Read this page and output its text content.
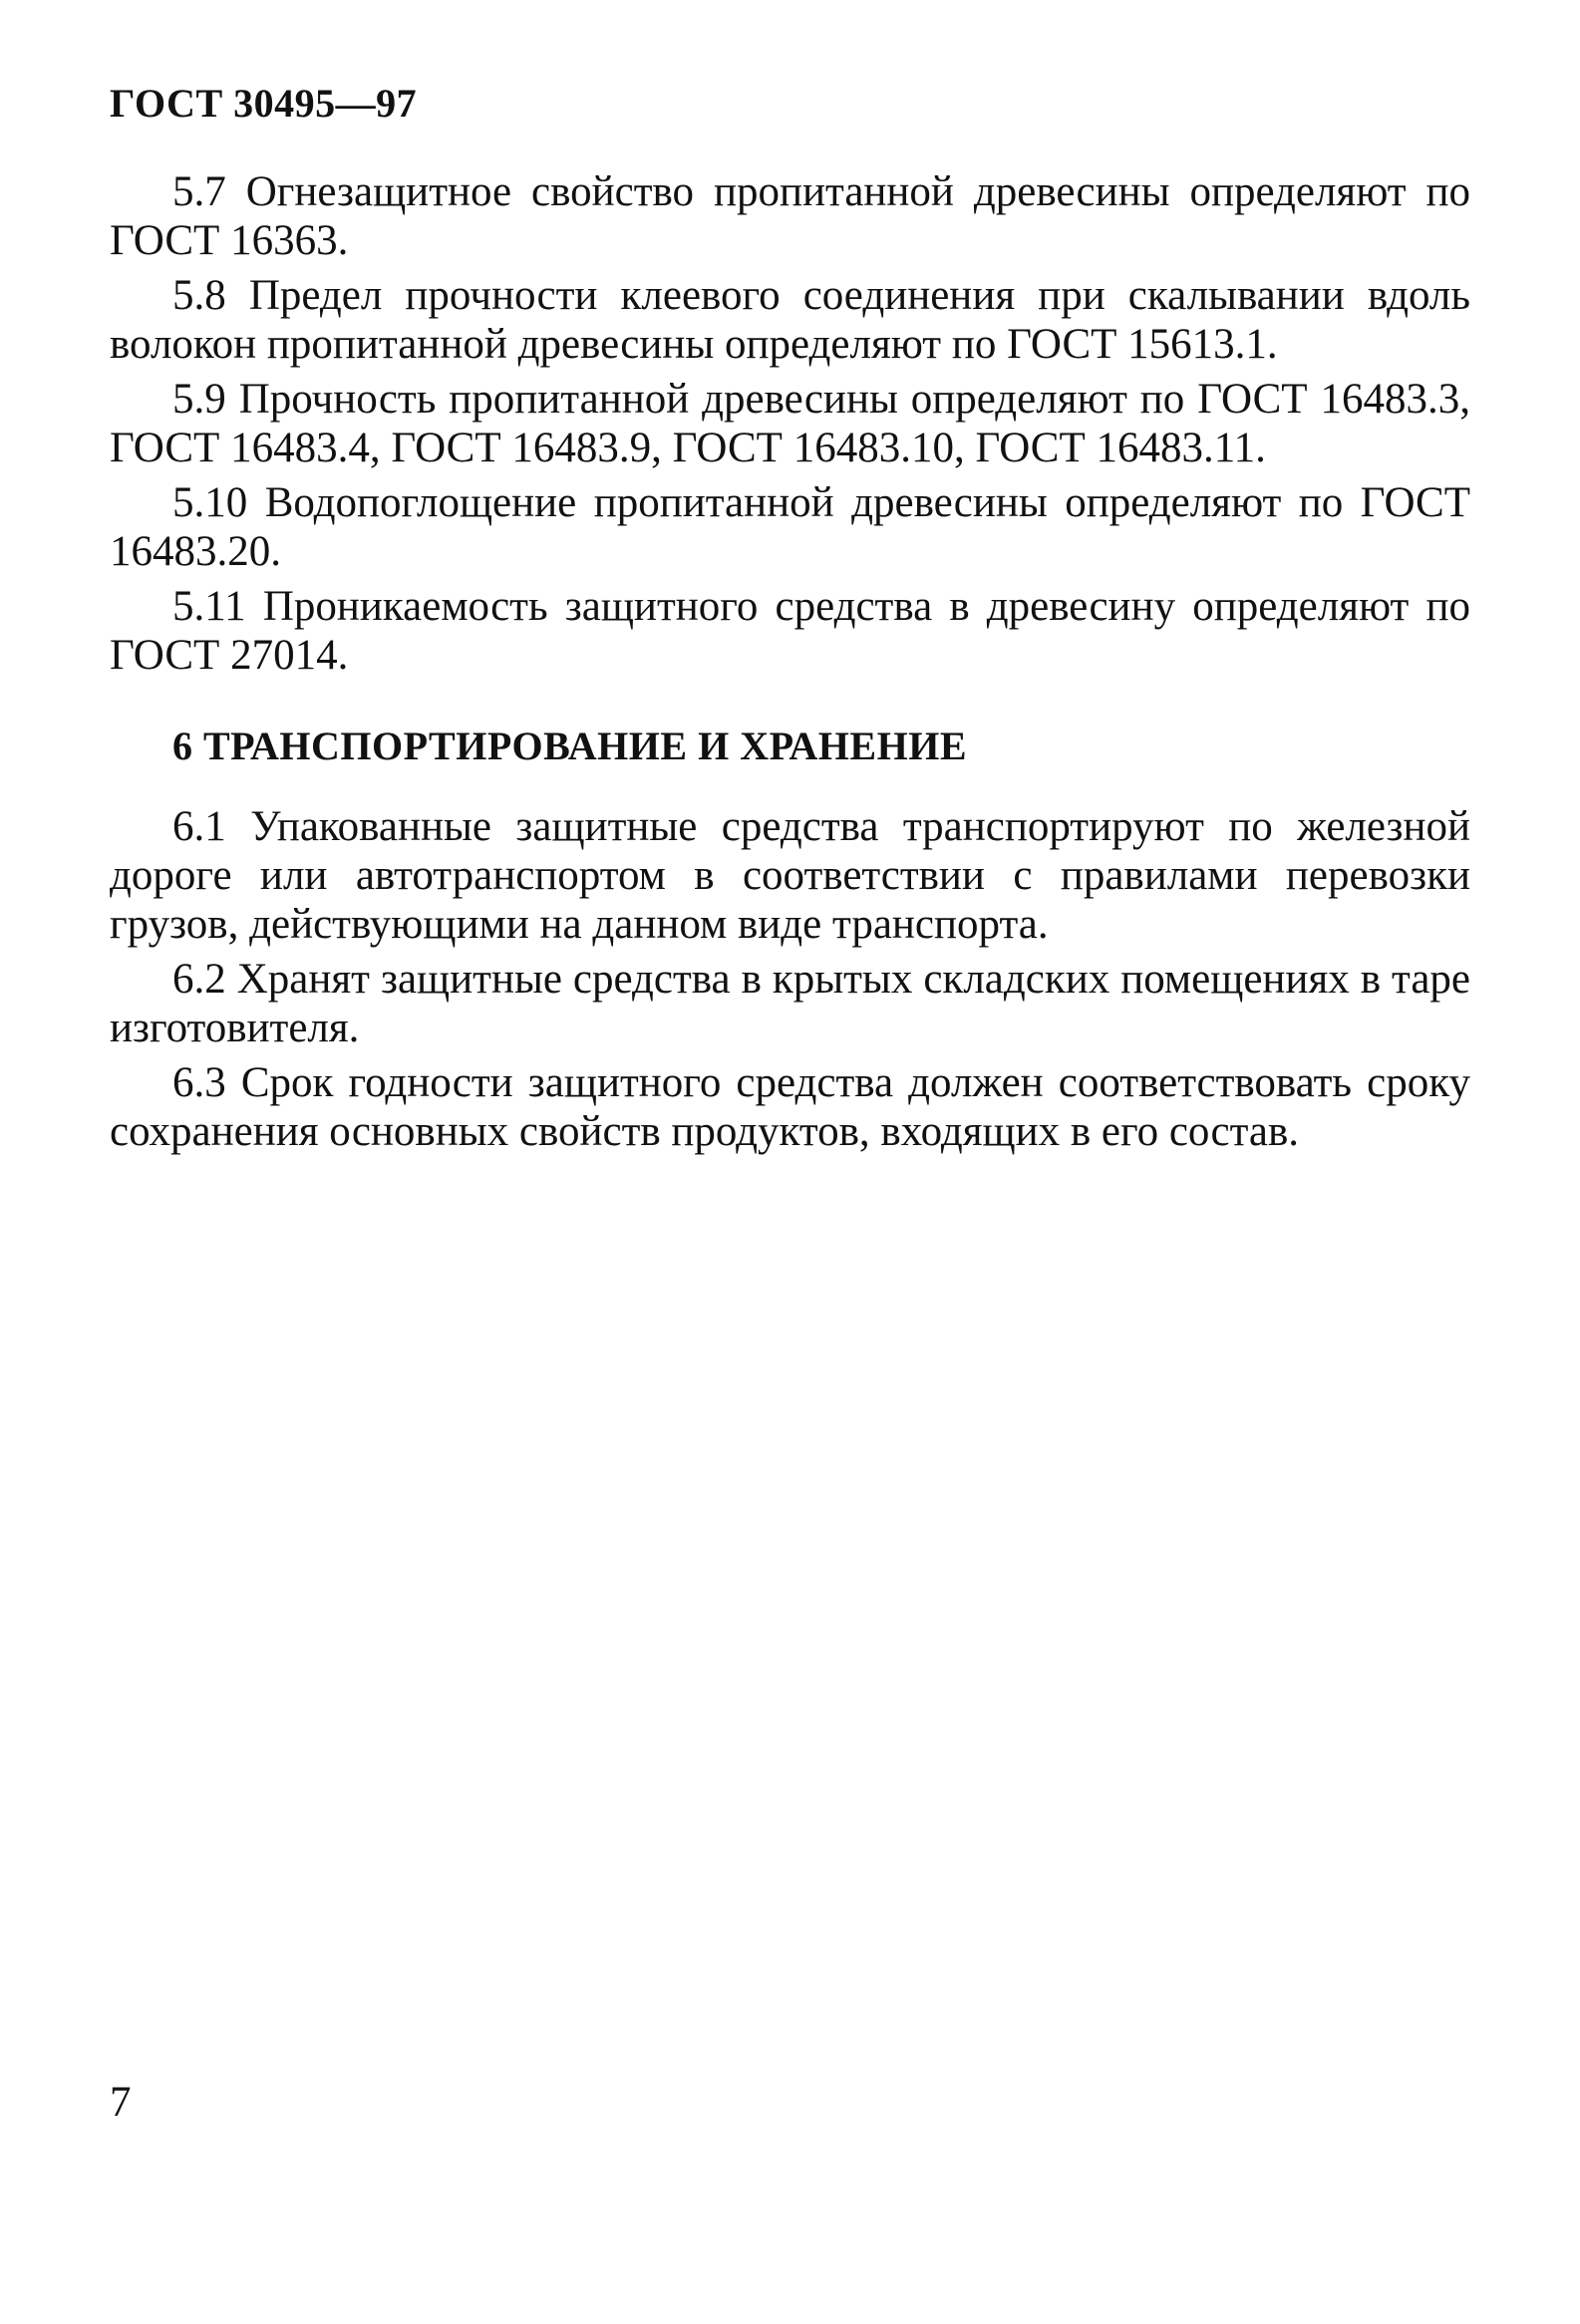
ГОСТ 30495—97

5.7 Огнезащитное свойство пропитанной древесины определяют по ГОСТ 16363.

5.8 Предел прочности клеевого соединения при скалывании вдоль волокон пропитанной древесины определяют по ГОСТ 15613.1.

5.9 Прочность пропитанной древесины определяют по ГОСТ 16483.3, ГОСТ 16483.4, ГОСТ 16483.9, ГОСТ 16483.10, ГОСТ 16483.11.

5.10 Водопоглощение пропитанной древесины определяют по ГОСТ 16483.20.

5.11 Проникаемость защитного средства в древесину определяют по ГОСТ 27014.

6 ТРАНСПОРТИРОВАНИЕ И ХРАНЕНИЕ

6.1 Упакованные защитные средства транспортируют по железной дороге или автотранспортом в соответствии с правилами перевозки грузов, действующими на данном виде транспорта.

6.2 Хранят защитные средства в крытых складских помещениях в таре изготовителя.

6.3 Срок годности защитного средства должен соответствовать сроку сохранения основных свойств продуктов, входящих в его состав.

7
